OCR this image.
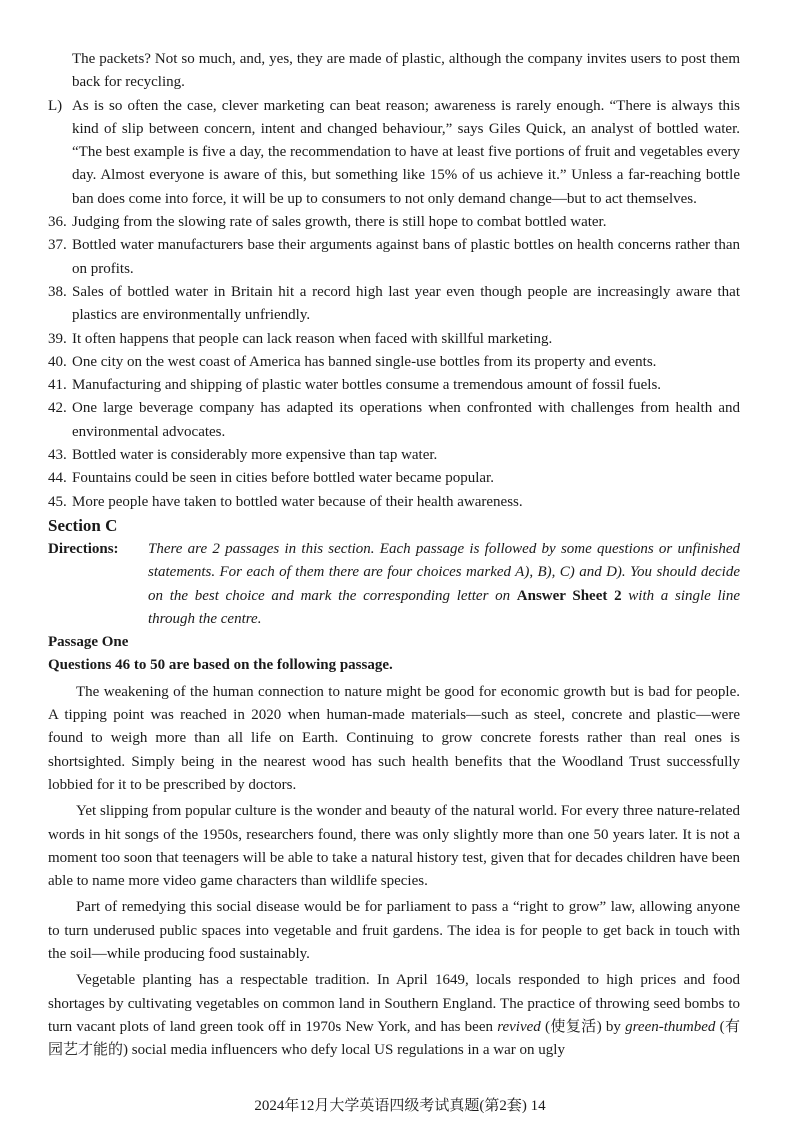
The packets? Not so much, and, yes, they are made of plastic, although the company invites users to post them back for recycling.

L) As is so often the case, clever marketing can beat reason; awareness is rarely enough. “There is always this kind of slip between concern, intent and changed behaviour,” says Giles Quick, an analyst of bottled water. “The best example is five a day, the recommendation to have at least five portions of fruit and vegetables every day. Almost everyone is aware of this, but something like 15% of us achieve it.” Unless a far-reaching bottle ban does come into force, it will be up to consumers to not only demand change—but to act themselves.
36. Judging from the slowing rate of sales growth, there is still hope to combat bottled water.
37. Bottled water manufacturers base their arguments against bans of plastic bottles on health concerns rather than on profits.
38. Sales of bottled water in Britain hit a record high last year even though people are increasingly aware that plastics are environmentally unfriendly.
39. It often happens that people can lack reason when faced with skillful marketing.
40. One city on the west coast of America has banned single-use bottles from its property and events.
41. Manufacturing and shipping of plastic water bottles consume a tremendous amount of fossil fuels.
42. One large beverage company has adapted its operations when confronted with challenges from health and environmental advocates.
43. Bottled water is considerably more expensive than tap water.
44. Fountains could be seen in cities before bottled water became popular.
45. More people have taken to bottled water because of their health awareness.

Section C

Directions:	There are 2 passages in this section. Each passage is followed by some questions or unfinished statements. For each of them there are four choices marked A), B), C) and D). You should decide on the best choice and mark the corresponding letter on Answer Sheet 2 with a single line through the centre.

Passage One

Questions 46 to 50 are based on the following passage.

The weakening of the human connection to nature might be good for economic growth but is bad for people. A tipping point was reached in 2020 when human-made materials—such as steel, concrete and plastic—were found to weigh more than all life on Earth. Continuing to grow concrete forests rather than real ones is shortsighted. Simply being in the nearest wood has such health benefits that the Woodland Trust successfully lobbied for it to be prescribed by doctors.

Yet slipping from popular culture is the wonder and beauty of the natural world. For every three nature-related words in hit songs of the 1950s, researchers found, there was only slightly more than one 50 years later. It is not a moment too soon that teenagers will be able to take a natural history test, given that for decades children have been able to name more video game characters than wildlife species.

Part of remedying this social disease would be for parliament to pass a “right to grow” law, allowing anyone to turn underused public spaces into vegetable and fruit gardens. The idea is for people to get back in touch with the soil—while producing food sustainably.

Vegetable planting has a respectable tradition. In April 1649, locals responded to high prices and food shortages by cultivating vegetables on common land in Southern England. The practice of throwing seed bombs to turn vacant plots of land green took off in 1970s New York, and has been revived (使复活) by green-thumbed (有园艺才能的) social media influencers who defy local US regulations in a war on ugly

2024年12月大学英语四级考试真题(第2套) 14
